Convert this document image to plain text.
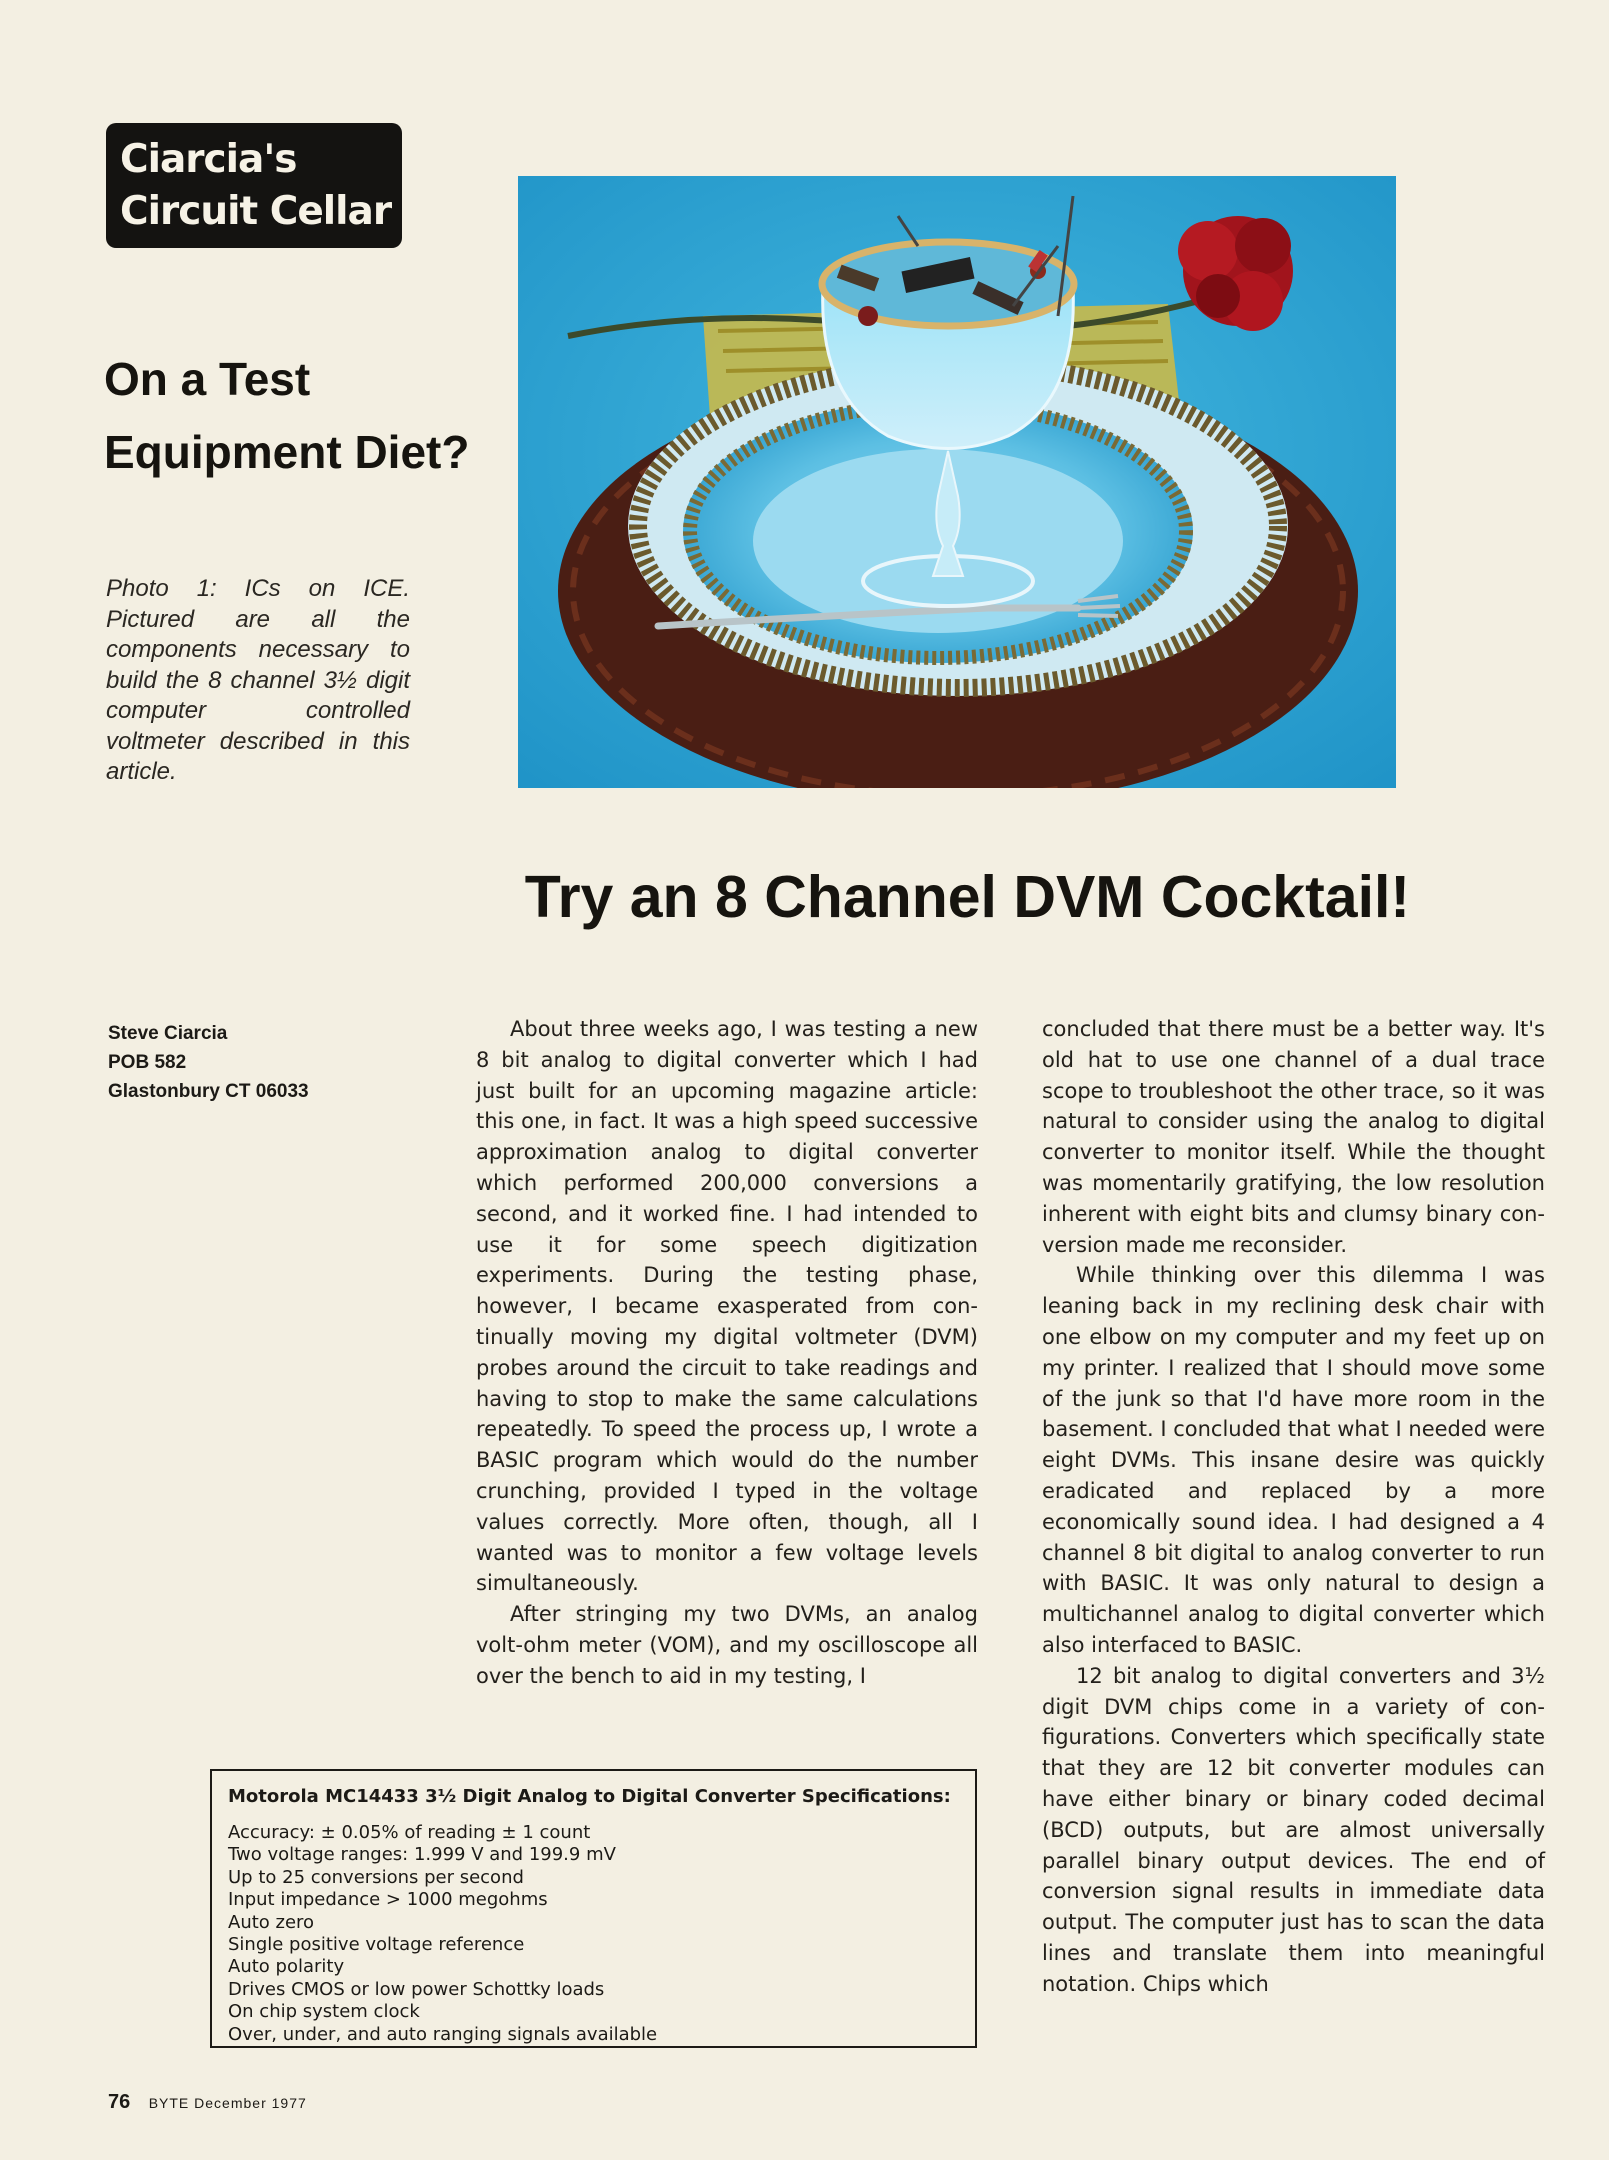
Ciarcia's
Circuit Cellar
On a Test
Equipment Diet?
Photo 1: ICs on ICE. Pictured are all the components necessary to build the 8 channel 3½ digit computer controlled voltmeter described in this article.
Try an 8 Channel DVM Cocktail!
Steve Ciarcia
POB 582
Glastonbury CT 06033

About three weeks ago, I was testing a new 8 bit analog to digital converter which I had just built for an upcoming magazine article: this one, in fact. It was a high speed successive approximation analog to digital converter which performed 200,000 conversions a second, and it worked fine. I had intended to use it for some speech digitization experiments. During the testing phase, however, I became exasperated from continually moving my digital voltmeter (DVM) probes around the circuit to take readings and having to stop to make the same calculations repeatedly. To speed the process up, I wrote a BASIC program which would do the number crunching, provided I typed in the voltage values correctly. More often, though, all I wanted was to monitor a few voltage levels simultaneously.

After stringing my two DVMs, an analog volt-ohm meter (VOM), and my oscilloscope all over the bench to aid in my testing, I

concluded that there must be a better way. It's old hat to use one channel of a dual trace scope to troubleshoot the other trace, so it was natural to consider using the analog to digital converter to monitor itself. While the thought was momentarily gratifying, the low resolution inherent with eight bits and clumsy binary conversion made me reconsider.

While thinking over this dilemma I was leaning back in my reclining desk chair with one elbow on my computer and my feet up on my printer. I realized that I should move some of the junk so that I'd have more room in the basement. I concluded that what I needed were eight DVMs. This insane desire was quickly eradicated and replaced by a more economically sound idea. I had designed a 4 channel 8 bit digital to analog converter to run with BASIC. It was only natural to design a multichannel analog to digital converter which also interfaced to BASIC.

12 bit analog to digital converters and 3½ digit DVM chips come in a variety of configurations. Converters which specifically state that they are 12 bit converter modules can have either binary or binary coded decimal (BCD) outputs, but are almost universally parallel binary output devices. The end of conversion signal results in immediate data output. The computer just has to scan the data lines and translate them into meaningful notation. Chips which

Motorola MC14433 3½ Digit Analog to Digital Converter Specifications:
Accuracy: ± 0.05% of reading ± 1 count
Two voltage ranges: 1.999 V and 199.9 mV
Up to 25 conversions per second
Input impedance > 1000 megohms
Auto zero
Single positive voltage reference
Auto polarity
Drives CMOS or low power Schottky loads
On chip system clock
Over, under, and auto ranging signals available
76 BYTE December 1977
